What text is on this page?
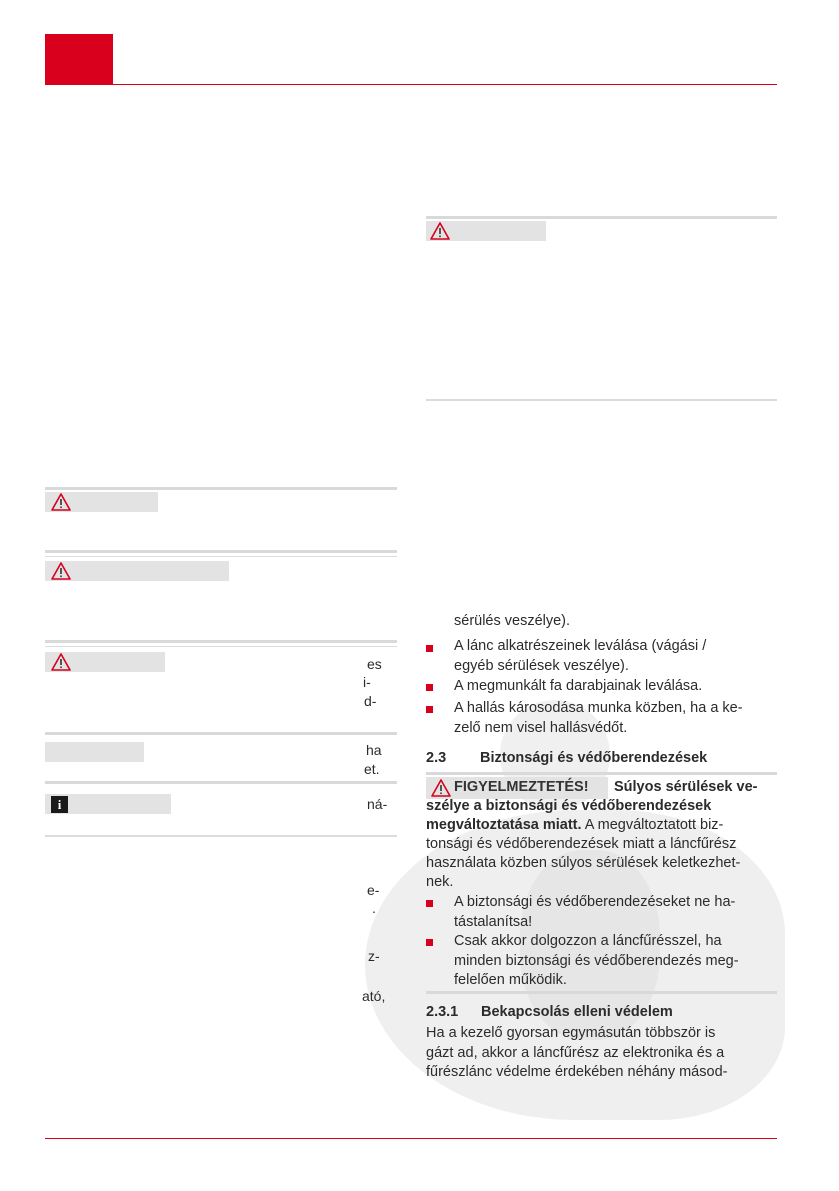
i
es
i-
d-
ha
et.
ná-
e-
.
z-
ató,
sérülés veszélye).
A lánc alkatrészeinek leválása (vágási /
egyéb sérülések veszélye).
A megmunkált fa darabjainak leválása.
A hallás károsodása munka közben, ha a ke-
zelő nem visel hallásvédőt.
2.3 Biztonsági és védőberendezések
FIGYELMEZTETÉS! Súlyos sérülések ve-
szélye a biztonsági és védőberendezések
megváltoztatása miatt. A megváltoztatott biz-
tonsági és védőberendezések miatt a láncfűrész
használata közben súlyos sérülések keletkezhet-
nek.
A biztonsági és védőberendezéseket ne ha-
tástalanítsa!
Csak akkor dolgozzon a láncfűrésszel, ha
minden biztonsági és védőberendezés meg-
felelően működik.
2.3.1 Bekapcsolás elleni védelem
Ha a kezelő gyorsan egymásután többször is
gázt ad, akkor a láncfűrész az elektronika és a
fűrészlánc védelme érdekében néhány másod-
